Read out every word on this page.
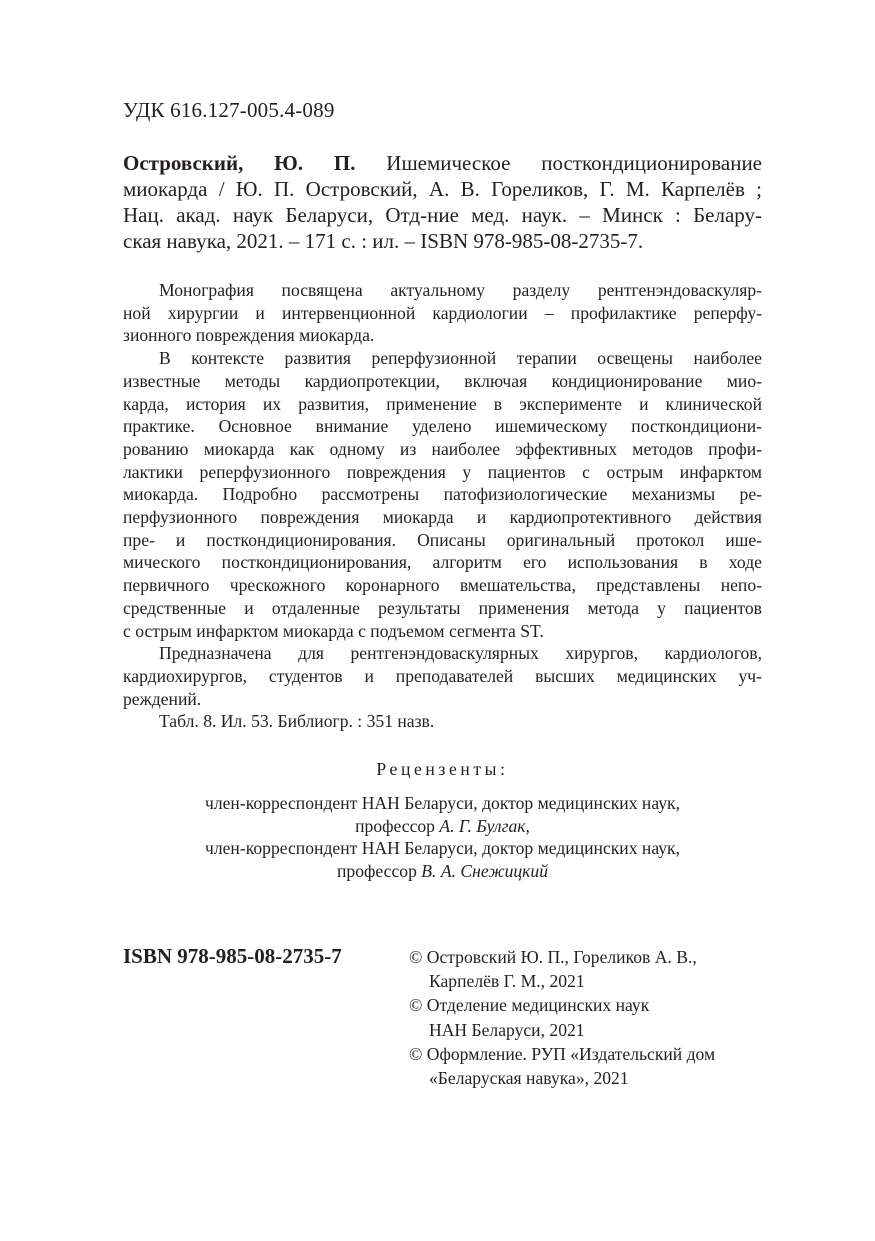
УДК 616.127-005.4-089
Островский, Ю. П. Ишемическое посткондиционирование
миокарда / Ю. П. Островский, А. В. Гореликов, Г. М. Карпелёв ;
Нац. акад. наук Беларуси, Отд-ние мед. наук. – Минск : Белару-
ская навука, 2021. – 171 с. : ил. – ISBN 978-985-08-2735-7.
Монография посвящена актуальному разделу рентгенэндоваскуляр-
ной хирургии и интервенционной кардиологии – профилактике реперфу-
зионного повреждения миокарда.
В контексте развития реперфузионной терапии освещены наиболее
известные методы кардиопротекции, включая кондиционирование мио-
карда, история их развития, применение в эксперименте и клинической
практике. Основное внимание уделено ишемическому посткондициони-
рованию миокарда как одному из наиболее эффективных методов профи-
лактики реперфузионного повреждения у пациентов с острым инфарктом
миокарда. Подробно рассмотрены патофизиологические механизмы ре-
перфузионного повреждения миокарда и кардиопротективного действия
пре- и посткондиционирования. Описаны оригинальный протокол ише-
мического посткондиционирования, алгоритм его использования в ходе
первичного чрескожного коронарного вмешательства, представлены непо-
средственные и отдаленные результаты применения метода у пациентов
с острым инфарктом миокарда с подъемом сегмента ST.
Предназначена для рентгенэндоваскулярных хирургов, кардиологов,
кардиохирургов, студентов и преподавателей высших медицинских уч-
реждений.
Табл. 8. Ил. 53. Библиогр. : 351 назв.
Рецензенты:
член-корреспондент НАН Беларуси, доктор медицинских наук,
профессор А. Г. Булгак,
член-корреспондент НАН Беларуси, доктор медицинских наук,
профессор В. А. Снежицкий
ISBN 978-985-08-2735-7	© Островский Ю. П., Гореликов А. В.,
Карпелёв Г. М., 2021
© Отделение медицинских наук
НАН Беларуси, 2021
© Оформление. РУП «Издательский дом
«Беларуская навука», 2021
